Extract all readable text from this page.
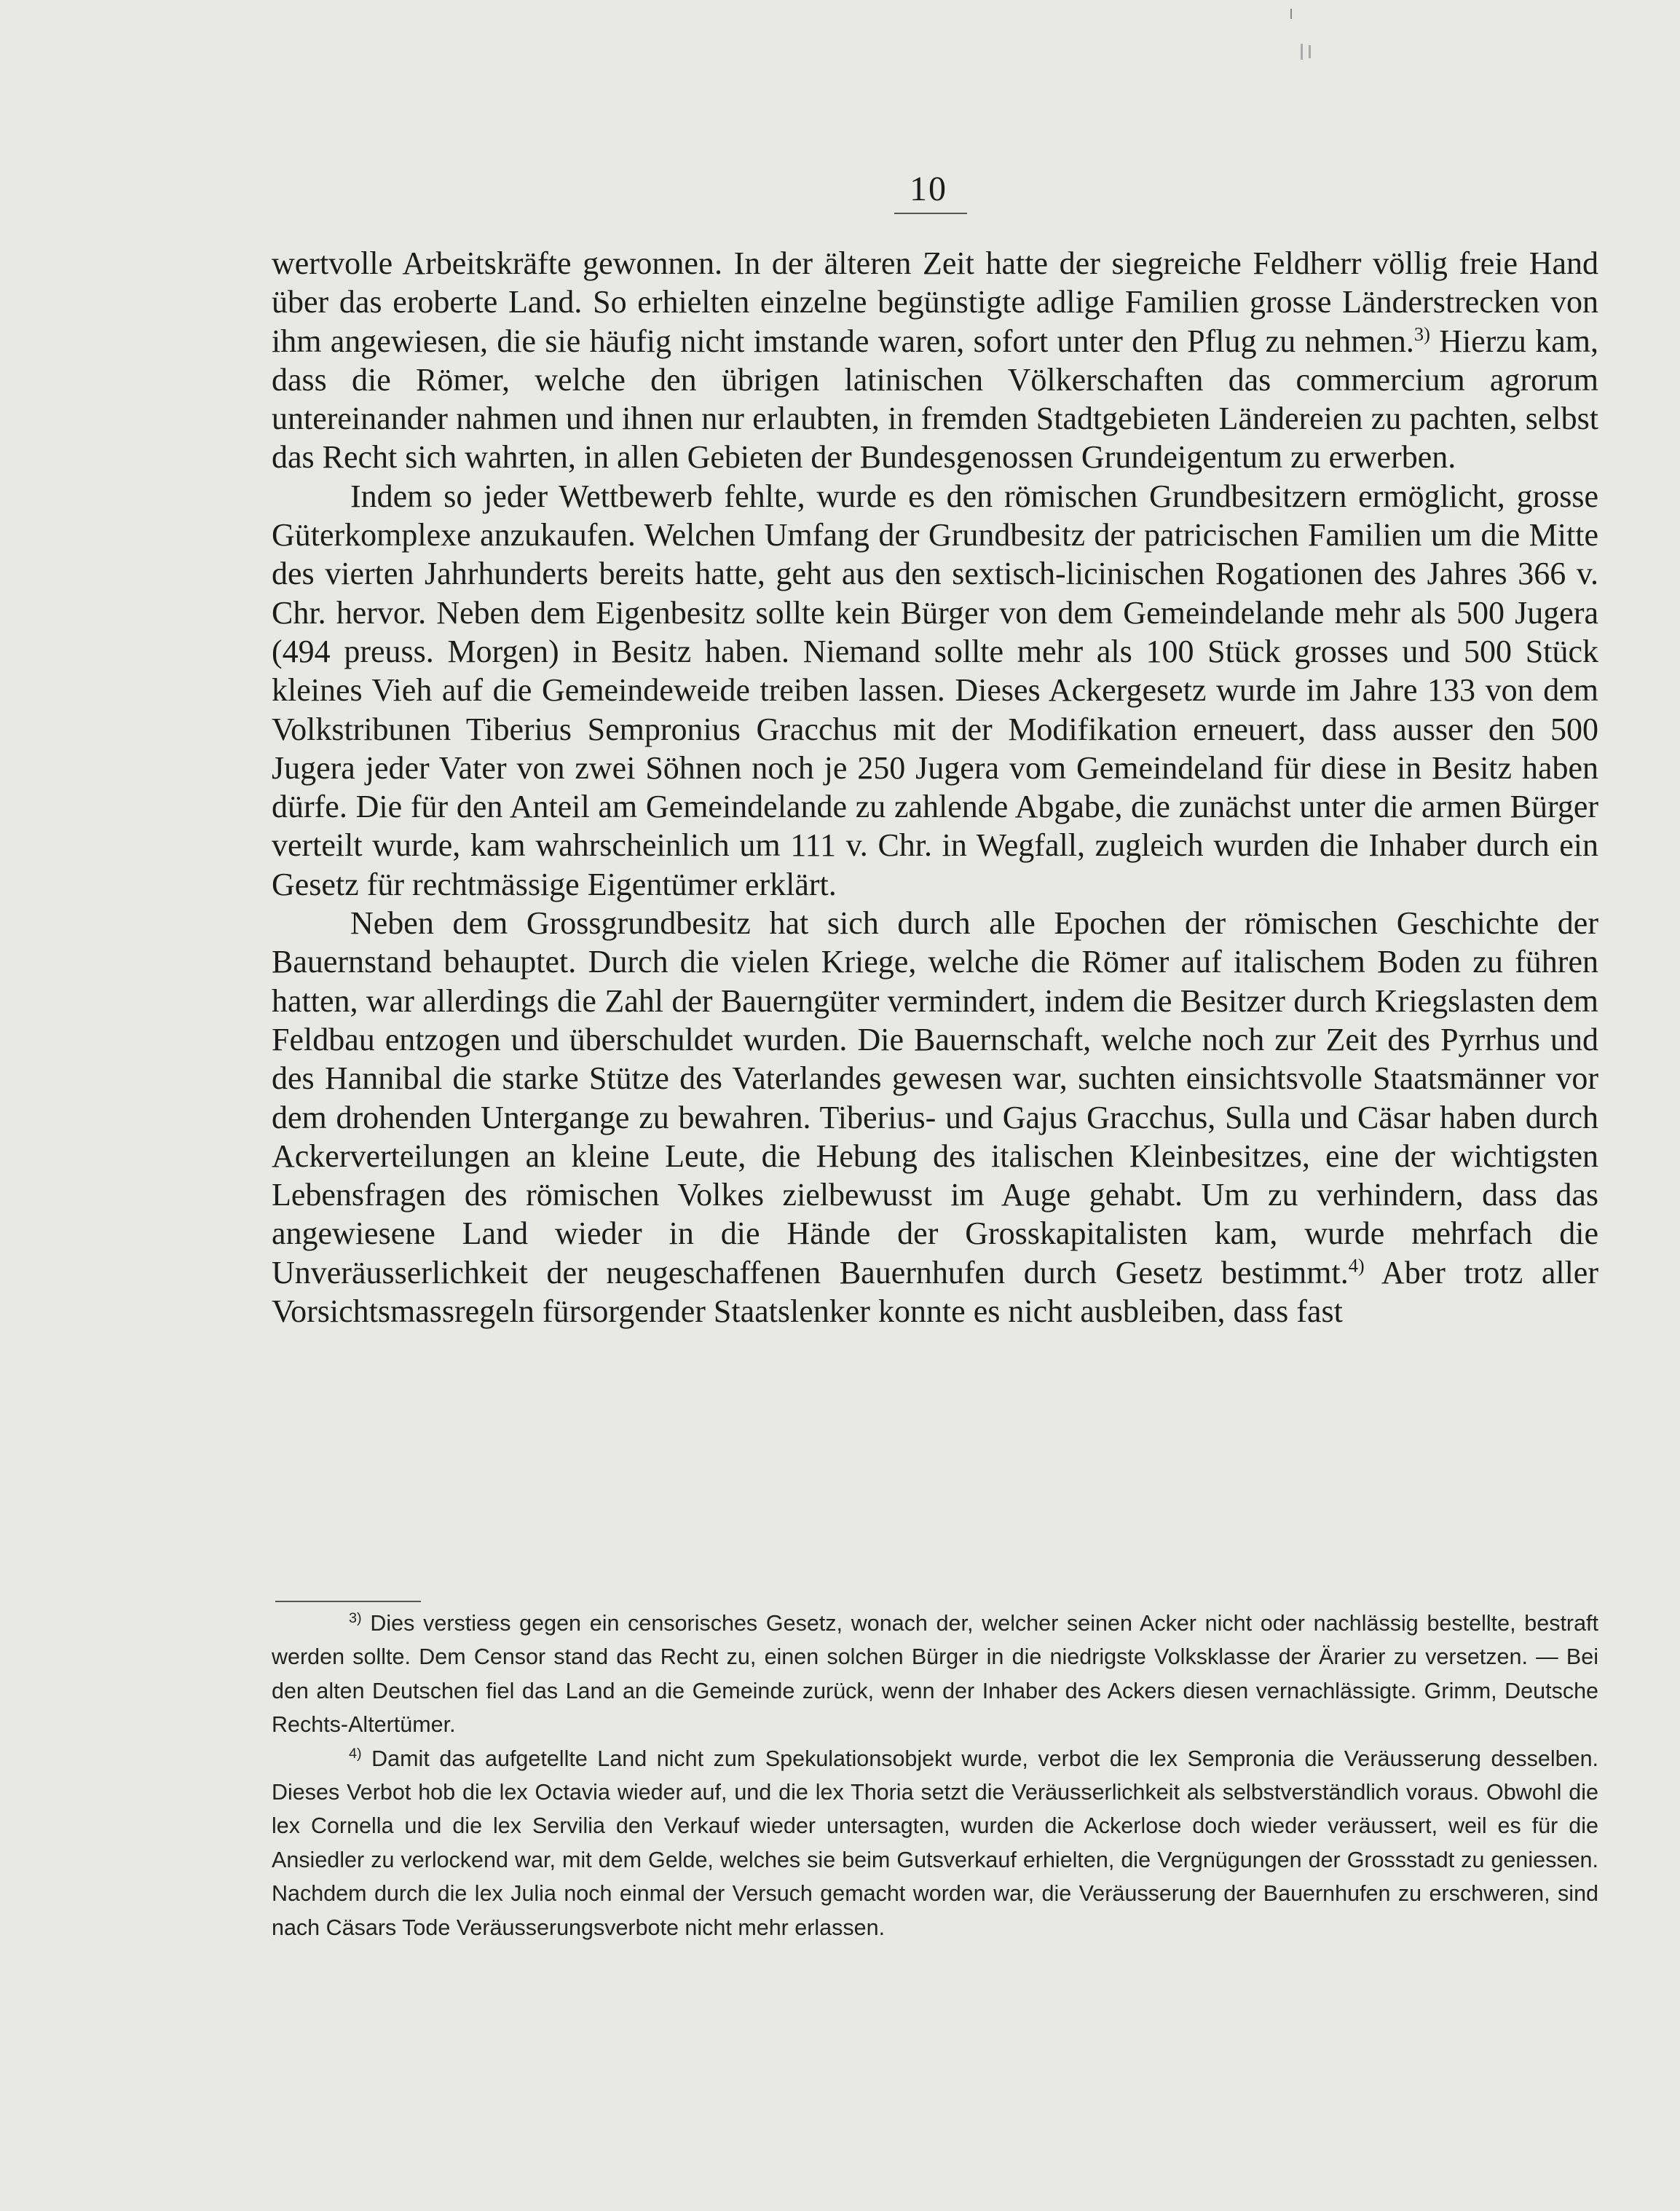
10

wertvolle Arbeitskräfte gewonnen. In der älteren Zeit hatte der siegreiche Feldherr völlig freie Hand über das eroberte Land. So erhielten einzelne begünstigte adlige Familien grosse Länderstrecken von ihm angewiesen, die sie häufig nicht imstande waren, sofort unter den Pflug zu nehmen.$^{3)}$ Hierzu kam, dass die Römer, welche den übrigen latinischen Völkerschaften das commercium agrorum untereinander nahmen und ihnen nur erlaubten, in fremden Stadtgebieten Ländereien zu pachten, selbst das Recht sich wahrten, in allen Gebieten der Bundesgenossen Grundeigentum zu erwerben.

Indem so jeder Wettbewerb fehlte, wurde es den römischen Grundbesitzern ermöglicht, grosse Güterkomplexe anzukaufen. Welchen Umfang der Grundbesitz der patricischen Familien um die Mitte des vierten Jahrhunderts bereits hatte, geht aus den sextisch-licinischen Rogationen des Jahres 366 v. Chr. hervor. Neben dem Eigenbesitz sollte kein Bürger von dem Gemeindelande mehr als 500 Jugera (494 preuss. Morgen) in Besitz haben. Niemand sollte mehr als 100 Stück grosses und 500 Stück kleines Vieh auf die Gemeindeweide treiben lassen. Dieses Ackergesetz wurde im Jahre 133 von dem Volkstribunen Tiberius Sempronius Gracchus mit der Modifikation erneuert, dass ausser den 500 Jugera jeder Vater von zwei Söhnen noch je 250 Jugera vom Gemeindeland für diese in Besitz haben dürfe. Die für den Anteil am Gemeindelande zu zahlende Abgabe, die zunächst unter die armen Bürger verteilt wurde, kam wahrscheinlich um 111 v. Chr. in Wegfall, zugleich wurden die Inhaber durch ein Gesetz für rechtmässige Eigentümer erklärt.

Neben dem Grossgrundbesitz hat sich durch alle Epochen der römischen Geschichte der Bauernstand behauptet. Durch die vielen Kriege, welche die Römer auf italischem Boden zu führen hatten, war allerdings die Zahl der Bauerngüter vermindert, indem die Besitzer durch Kriegslasten dem Feldbau entzogen und überschuldet wurden. Die Bauernschaft, welche noch zur Zeit des Pyrrhus und des Hannibal die starke Stütze des Vaterlandes gewesen war, suchten einsichtsvolle Staatsmänner vor dem drohenden Untergange zu bewahren. Tiberius- und Gajus Gracchus, Sulla und Cäsar haben durch Ackerverteilungen an kleine Leute, die Hebung des italischen Kleinbesitzes, eine der wichtigsten Lebensfragen des römischen Volkes zielbewusst im Auge gehabt. Um zu verhindern, dass das angewiesene Land wieder in die Hände der Grosskapitalisten kam, wurde mehrfach die Unveräusserlichkeit der neugeschaffenen Bauernhufen durch Gesetz bestimmt.$^{4)}$ Aber trotz aller Vorsichtsmassregeln fürsorgender Staatslenker konnte es nicht ausbleiben, dass fast

$^{3)}$ Dies verstiess gegen ein censorisches Gesetz, wonach der, welcher seinen Acker nicht oder nachlässig bestellte, bestraft werden sollte. Dem Censor stand das Recht zu, einen solchen Bürger in die niedrigste Volksklasse der Ärarier zu versetzen. — Bei den alten Deutschen fiel das Land an die Gemeinde zurück, wenn der Inhaber des Ackers diesen vernachlässigte. Grimm, Deutsche Rechts-Altertümer.

$^{4)}$ Damit das aufgetellte Land nicht zum Spekulationsobjekt wurde, verbot die lex Sempronia die Veräusserung desselben. Dieses Verbot hob die lex Octavia wieder auf, und die lex Thoria setzt die Veräusserlichkeit als selbstverständlich voraus. Obwohl die lex Cornella und die lex Servilia den Verkauf wieder untersagten, wurden die Ackerlose doch wieder veräussert, weil es für die Ansiedler zu verlockend war, mit dem Gelde, welches sie beim Gutsverkauf erhielten, die Vergnügungen der Grossstadt zu geniessen. Nachdem durch die lex Julia noch einmal der Versuch gemacht worden war, die Veräusserung der Bauernhufen zu erschweren, sind nach Cäsars Tode Veräusserungsverbote nicht mehr erlassen.
